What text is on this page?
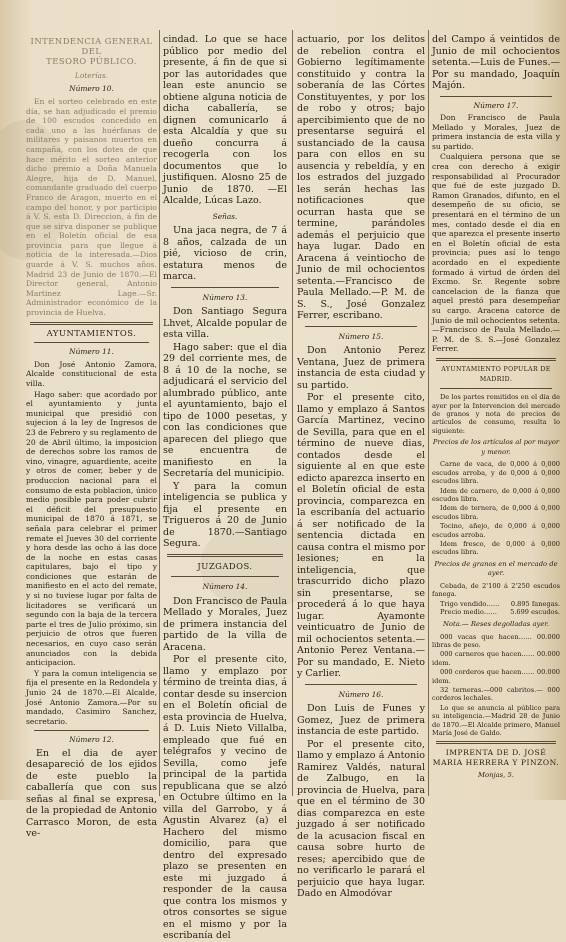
INTENDENCIA GENERAL DEL
TESORO PÚBLICO.
Loterías.
Número 10.

En el sorteo celebrado en este día, se han adjudicado el premio de 100 escudos concedido en cada uno a las huérfanas de militares y paisanos muertos en campaña, con los dotes de que hace mérito el sorteo anterior dicho premio a Doña Manuela Alegre, hija de D. Manuel, comandante graduado del cuerpo Franco de Aragon, muerto en el campo del honor, y por participio á V. S. esta D. Direccion, á fin de que se sirva disponer se publique en el Boletín oficial de esa provincia para que llegue á noticia de la interesada.—Dios guarde á V. S. muchos años. Madrid 23 de Junio de 1870.—El Director general, Antonio Martinez Lage.—Sr. Administrador económico de la provincia de Huelva.

AYUNTAMIENTOS.
Número 11.

Don José Antonio Zamora, Alcalde constitucional de esta villa.

Hago saber: que acordado por el ayuntamiento y junta municipal que presidió con sujecion á la ley de Ingresos de 23 de Febrero y su reglamento de 20 de Abril último, la imposicion de derechos sobre los ramos de vino, vinagre, aguardiente, aceite y otros de comer, beber y de produccion nacional para el consumo de esta poblacion, único medio posible para poder cubrir el déficit del presupuesto municipal de 1870 á 1871, se señala para celebrar el primer remate el Jueves 30 del corriente y hora desde las ocho á las doce de la noche en estas casas capitulares, bajo el tipo y condiciones que estarán de manifiesto en el acto del remate, y si no tuviese lugar por falta de licitadores se verificará un segundo con la baja de la tercera parte el tres de Julio próximo, sin perjuicio de otros que fueren necesarios, en cuyo caso serán anunciados con la debida anticipacion.

Y para la comun inteligencia se fija el presente en la Redondela y Junio 24 de 1870.—El Alcalde, José Antonio Zamora.—Por su mandado, Casimiro Sanchez, secretario.

Número 12.

En el dia de ayer desapareció de los ejidos de este pueblo la caballería que con sus señas al final se expresa, de la propiedad de Antonio Carrasco Moron, de esta ve-

cindad. Lo que se hace público por medio del presente, á fin de que si por las autoridades que lean este anuncio se obtiene alguna noticia de dicha caballería, se dignen comunicarlo á esta Alcaldía y que su dueño concurra á recogerla con los documentos que lo justifiquen. Alosno 25 de Junio de 1870. —El Alcalde, Lúcas Lazo.

Señas.

Una jaca negra, de 7 á 8 años, calzada de un pié, vicioso de crin, estatura menos de marca.

Número 13.

Don Santiago Segura Lhvet, Alcalde popular de esta villa.

Hago saber: que el dia 29 del corriente mes, de 8 á 10 de la noche, se adjudicará el servicio del alumbrado público, ante el ayuntamiento, bajo el tipo de 1000 pesetas, y con las condiciones que aparecen del pliego que se encuentra de manifiesto en la Secretaría del municipio.

Y para la comun inteligencia se publica y fija el presente en Trigueros á 20 de Junio de 1870.—Santiago Segura.

JUZGADOS.
Número 14.

Don Francisco de Paula Mellado y Morales, Juez de primera instancia del partido de la villa de Aracena.

Por el presente cito, llamo y emplazo por término de treinta dias, á contar desde su insercion en el Boletín oficial de esta provincia de Huelva, á D. Luis Nieto Villalba, empleado que fué en telégrafos y vecino de Sevilla, como jefe principal de la partida republicana que se alzó en Octubre último en la villa del Garrobo, y á Agustin Alvarez (a) el Hachero del mismo domicilio, para que dentro del expresado plazo se presenten en este mi juzgado á responder de la causa que contra los mismos y otros consortes se sigue en el mismo y por la escribanía del

actuario, por los delitos de rebelion contra el Gobierno legítimamente constituido y contra la soberanía de las Córtes Constituyentes, y por los de robo y otros; bajo apercibimiento que de no presentarse seguirá el sustanciado de la causa para con ellos en su ausencia y rebeldía, y en los estrados del juzgado les serán hechas las notificaciones que ocurran hasta que se termine, parándoles además el perjuicio que haya lugar. Dado en Aracena á veintiocho de Junio de mil ochocientos setenta.—Francisco de Paula Mellado.—P. M. de S. S., José Gonzalez Ferrer, escribano.

Número 15.

Don Antonio Perez Ventana, Juez de primera instancia de esta ciudad y su partido.

Por el presente cito, llamo y emplazo á Santos García Martinez, vecino de Sevilla, para que en el término de nueve dias, contados desde el siguiente al en que este edicto aparezca inserto en el Boletín oficial de esta provincia, comparezca en la escribanía del actuario á ser notificado de la sentencia dictada en causa contra el mismo por lesiones; en la inteligencia, que trascurrido dicho plazo sin presentarse, se procederá á lo que haya lugar. Ayamonte veinticuatro de Junio de mil ochocientos setenta.—Antonio Perez Ventana.—Por su mandado, E. Nieto y Carlier.

Número 16.

Don Luis de Funes y Gomez, Juez de primera instancia de este partido.

Por el presente cito, llamo y emplazo á Antonio Ramirez Valdés, natural de Zalbugo, en la provincia de Huelva, para que en el término de 30 dias comparezca en este juzgado á ser notificado de la acusacion fiscal en causa sobre hurto de reses; apercibido que de no verificarlo le parará el perjuicio que haya lugar. Dado en Almodóvar

del Campo á veintidos de Junio de mil ochocientos setenta.—Luis de Funes.—Por su mandado, Joaquín Majón.

Número 17.

Don Francisco de Paula Mellado y Morales, Juez de primera instancia de esta villa y su partido.

Cualquiera persona que se crea con derecho á exigir responsabilidad al Procurador que fué de este juzgado D. Ramon Granados, difunto, en el desempeño de su oficio, se presentará en el término de un mes, contado desde el dia en que aparezca el presente inserto en el Boletín oficial de esta provincia; pues así lo tengo acordado en el expediente formado á virtud de órden del Excmo. Sr. Regente sobre cancelacion de la fianza que aquel prestó para desempeñar su cargo. Aracena catorce de Junio de mil ochocientos setenta.—Francisco de Paula Mellado.—P. M. de S. S.—José Gonzalez Ferrer.

AYUNTAMIENTO POPULAR DE MADRID.

De los partes remitidos en el dia de ayer por la Intervencion del mercado de granos y nota de precios de artículos de consumo, resulta lo siguiente:

Precios de los artículos al por mayor y menor.

Carne de vaca, de 0,000 á 0,000 escudos arroba, y de 0,000 á 0,000 escudos libra.

Idem de carnero, de 0,000 á 0,000 escudos libra.

Idem de ternera, de 0,000 á 0,000 escudos libra.

Tocino, añejo, de 0,000 á 0,000 escudos arroba.

Idem fresco, de 0,000 á 0,000 escudos libra.

Precios de granos en el mercado de ayer.

Cebada, de 2'100 á 2'250 escudos fanega.

Trigo vendido…… 0.895 fanegas.
Precio medio…… 5.699 escudos.
Nota.— Reses degolladas ayer.

000 vacas que hacen…… 00.000 libras de peso.

000 carneros que hacen…… 00.000 idem.

000 corderos que hacen…… 00.000 idem.

32 terneras.—000 cabritos.— 000 corderos lechales.

Lo que se anuncia al público para su inteligencia.—Madrid 28 de Junio de 1870.—El Alcalde primero, Manuel María José de Galdo.

IMPRENTA DE D. JOSÉ MARIA HERRERA Y PINZON.
Monjas, 5.
